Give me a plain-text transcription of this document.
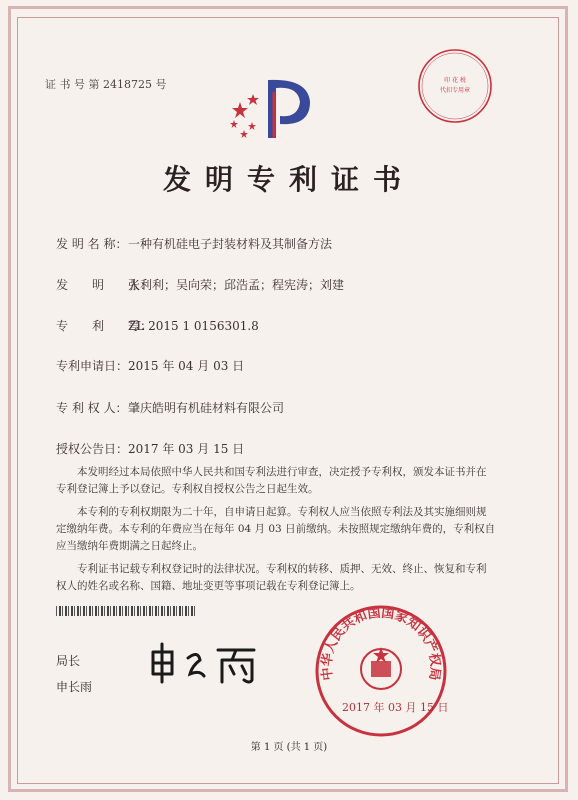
证 书 号 第 2418725 号	印 花 税
代扣专用章
发明专利证书
发 明 名 称：一种有机硅电子封装材料及其制备方法
发　　明　　人：张利利；吴向荣；邱浩孟；程宪涛；刘建
专　　利　　号：ZL 2015 1 0156301.8
专利申请日：2015 年 04 月 03 日
专 利 权 人：肇庆皓明有机硅材料有限公司
授权公告日：2017 年 03 月 15 日

本发明经过本局依照中华人民共和国专利法进行审查，决定授予专利权，颁发本证书并在专利登记簿上予以登记。专利权自授权公告之日起生效。

本专利的专利权期限为二十年，自申请日起算。专利权人应当依照专利法及其实施细则规定缴纳年费。本专利的年费应当在每年 04 月 03 日前缴纳。未按照规定缴纳年费的，专利权自应当缴纳年费期满之日起终止。

专利证书记载专利权登记时的法律状况。专利权的转移、质押、无效、终止、恢复和专利权人的姓名或名称、国籍、地址变更等事项记载在专利登记簿上。

局长
申长雨
中华人民共和国国家知识产权局
2017 年 03 月 15 日
第 1 页 (共 1 页)
